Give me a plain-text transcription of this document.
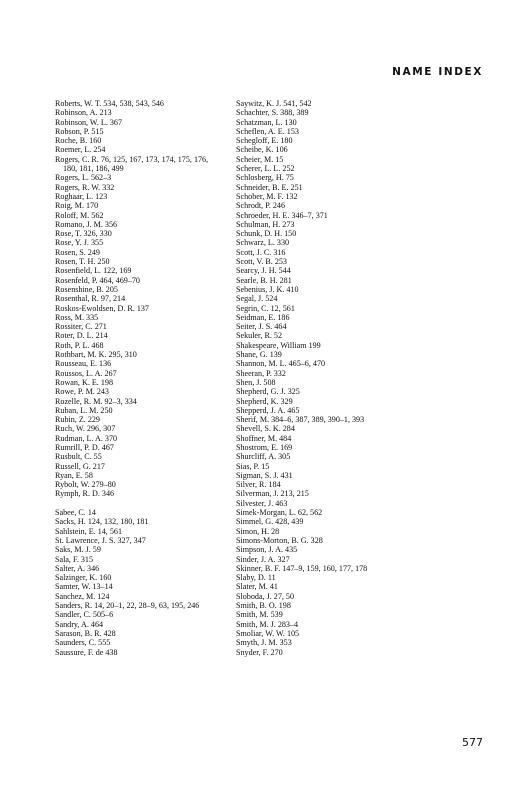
NAME INDEX
Roberts, W. T. 534, 538, 543, 546
Robinson, A. 213
Robinson, W. L. 367
Robson, P. 515
Roche, B. 160
Roemer, L. 254
Rogers, C. R. 76, 125, 167, 173, 174, 175, 176,
180, 181, 186, 499
Rogers, L. 562–3
Rogers, R. W. 332
Roghaar, L. 123
Roig, M. 170
Roloff, M. 562
Romano, J. M. 356
Rose, T. 326, 330
Rose, Y. J. 355
Rosen, S. 249
Rosen, T. H. 250
Rosenfield, L. 122, 169
Rosenfeld, P. 464, 469–70
Rosenshine, B. 205
Rosenthal, R. 97, 214
Roskos-Ewoldsen, D. R. 137
Ross, M. 335
Rossiter, C. 271
Roter, D. L. 214
Roth, P. L. 468
Rothbart, M. K. 295, 310
Rousseau, E. 136
Roussos, L. A. 267
Rowan, K. E. 198
Rowe, P. M. 243
Rozelle, R. M. 92–3, 334
Ruban, L. M. 250
Rubin, Z. 229
Ruch, W. 296, 307
Rudman, L. A. 370
Rumrill, P. D. 467
Rusbult, C. 55
Russell, G. 217
Ryan, E. 58
Rybolt, W. 279–80
Rymph, R. D. 346
Sabee, C. 14
Sacks, H. 124, 132, 180, 181
Sahlstein, E. 14, 561
St. Lawrence, J. S. 327, 347
Saks, M. J. 59
Sala, F. 315
Salter, A. 346
Salzinger, K. 160
Samter, W. 13–14
Sanchez, M. 124
Sanders, R. 14, 20–1, 22, 28–9, 63, 195, 246
Sandler, C. 505–6
Sandry, A. 464
Sarason, B. R. 428
Saunders, C. 555
Saussure, F. de 438
Saywitz, K. J. 541, 542
Schachter, S. 388, 389
Schatzman, L. 130
Scheflen, A. E. 153
Schegloff, E. 180
Scheibe, K. 106
Scheier, M. 15
Scherer, L. L. 252
Schlosberg, H. 75
Schneider, B. E. 251
Schober, M. F. 132
Schrodt, P. 246
Schroeder, H. E. 346–7, 371
Schulman, H. 273
Schunk, D. H. 150
Schwarz, L. 330
Scott, J. C. 316
Scott, V. B. 253
Searcy, J. H. 544
Searle, B. H. 281
Sebenius, J. K. 410
Segal, J. 524
Segrin, C. 12, 561
Seidman, E. 186
Seiter, J. S. 464
Sekuler, R. 52
Shakespeare, William 199
Shane, G. 139
Shannon, M. L. 465–6, 470
Sheeran, P. 332
Shen, J. 508
Shepherd, G. J. 325
Shepherd, K. 329
Shepperd, J. A. 465
Sherif, M. 384–6, 387, 389, 390–1, 393
Shevell, S. K. 284
Shoffner, M. 484
Shostrom, E. 169
Shurcliff, A. 305
Sias, P. 15
Sigman, S. J. 431
Silver, R. 184
Silverman, J. 213, 215
Silvester, J. 463
Simek-Morgan, L. 62, 562
Simmel, G. 428, 439
Simon, H. 28
Simons-Morton, B. G. 328
Simpson, J. A. 435
Sinder, J. A. 327
Skinner, B. F. 147–9, 159, 160, 177, 178
Slaby, D. 11
Slater, M. 41
Sloboda, J. 27, 50
Smith, B. O. 198
Smith, M. 539
Smith, M. J. 283–4
Smoliar, W. W. 105
Smyth, J. M. 353
Snyder, F. 270
577
